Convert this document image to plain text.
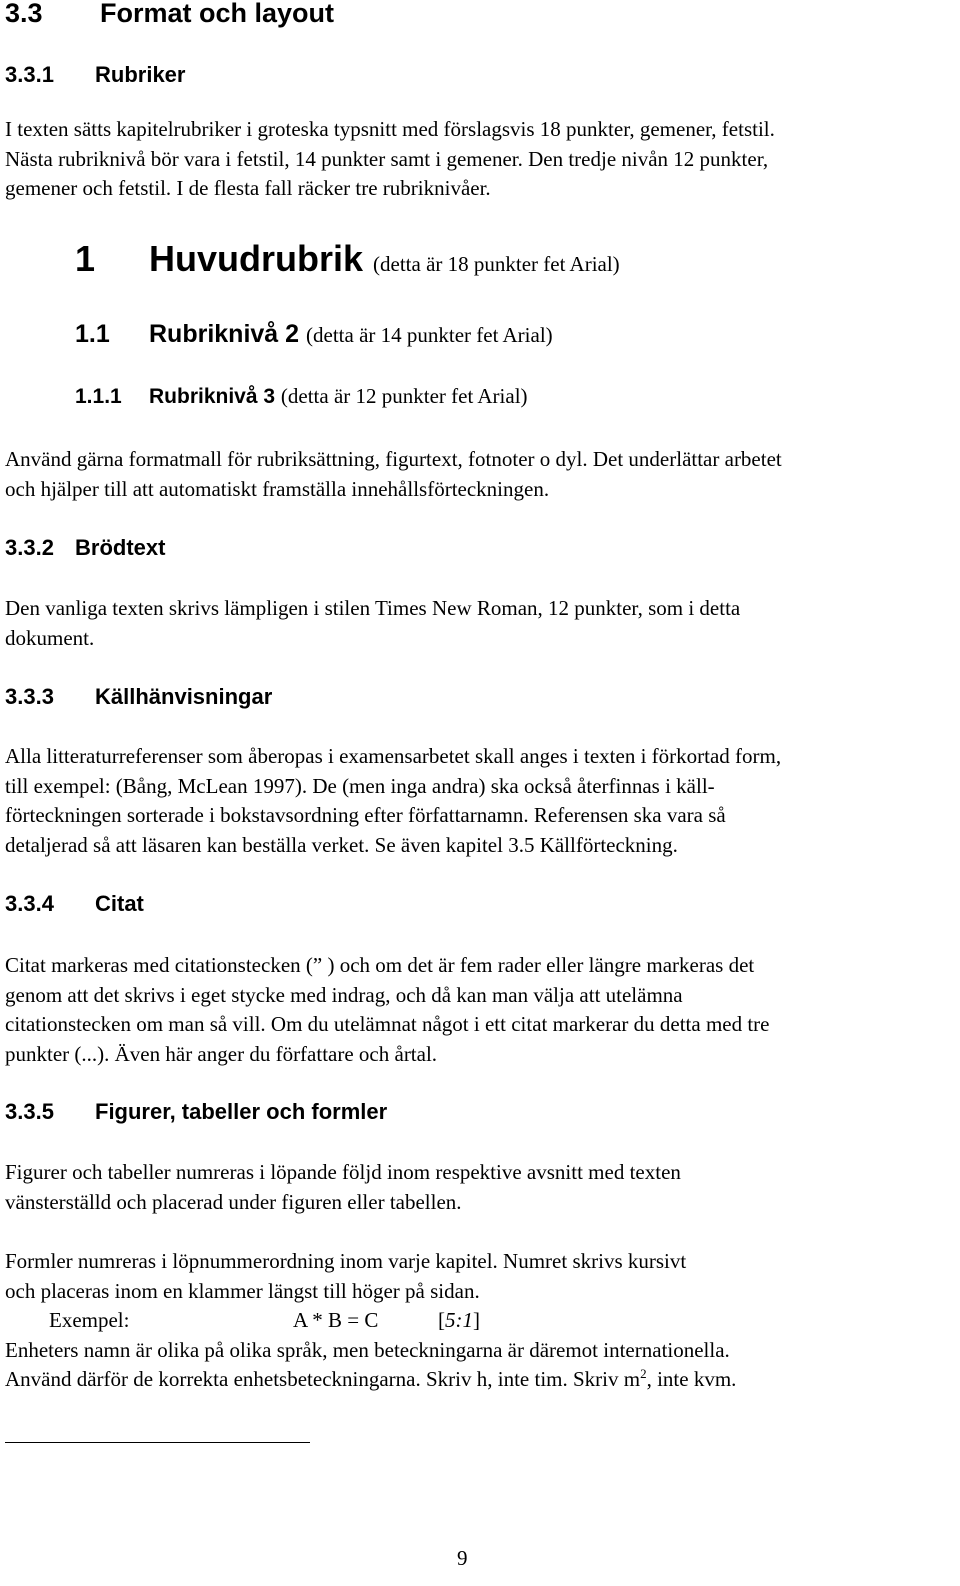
3.3 Format och layout
3.3.1 Rubriker
I texten sätts kapitelrubriker i groteska typsnitt med förslagsvis 18 punkter, gemener, fetstil.
Nästa rubriknivå bör vara i fetstil, 14 punkter samt i gemener. Den tredje nivån 12 punkter,
gemener och fetstil. I de flesta fall räcker tre rubriknivåer.
1 Huvudrubrik (detta är 18 punkter fet Arial)
1.1 Rubriknivå 2 (detta är 14 punkter fet Arial)
1.1.1 Rubriknivå 3 (detta är 12 punkter fet Arial)
Använd gärna formatmall för rubriksättning, figurtext, fotnoter o dyl. Det underlättar arbetet
och hjälper till att automatiskt framställa innehållsförteckningen.
3.3.2 Brödtext
Den vanliga texten skrivs lämpligen i stilen Times New Roman, 12 punkter, som i detta
dokument.
3.3.3 Källhänvisningar
Alla litteraturreferenser som åberopas i examensarbetet skall anges i texten i förkortad form,
till exempel: (Bång, McLean 1997). De (men inga andra) ska också återfinnas i käll-
förteckningen sorterade i bokstavsordning efter författarnamn. Referensen ska vara så
detaljerad så att läsaren kan beställa verket. Se även kapitel 3.5 Källförteckning.
3.3.4 Citat
Citat markeras med citationstecken (” ) och om det är fem rader eller längre markeras det
genom att det skrivs i eget stycke med indrag, och då kan man välja att utelämna
citationstecken om man så vill. Om du utelämnat något i ett citat markerar du detta med tre
punkter (...). Även här anger du författare och årtal.
3.3.5 Figurer, tabeller och formler
Figurer och tabeller numreras i löpande följd inom respektive avsnitt med texten
vänsterställd och placerad under figuren eller tabellen.
Formler numreras i löpnummerordning inom varje kapitel. Numret skrivs kursivt
och placeras inom en klammer längst till höger på sidan.
Exempel:	A * B = C	[5:1]
Enheters namn är olika på olika språk, men beteckningarna är däremot internationella.
Använd därför de korrekta enhetsbeteckningarna. Skriv h, inte tim. Skriv $m^2$, inte kvm.
9
